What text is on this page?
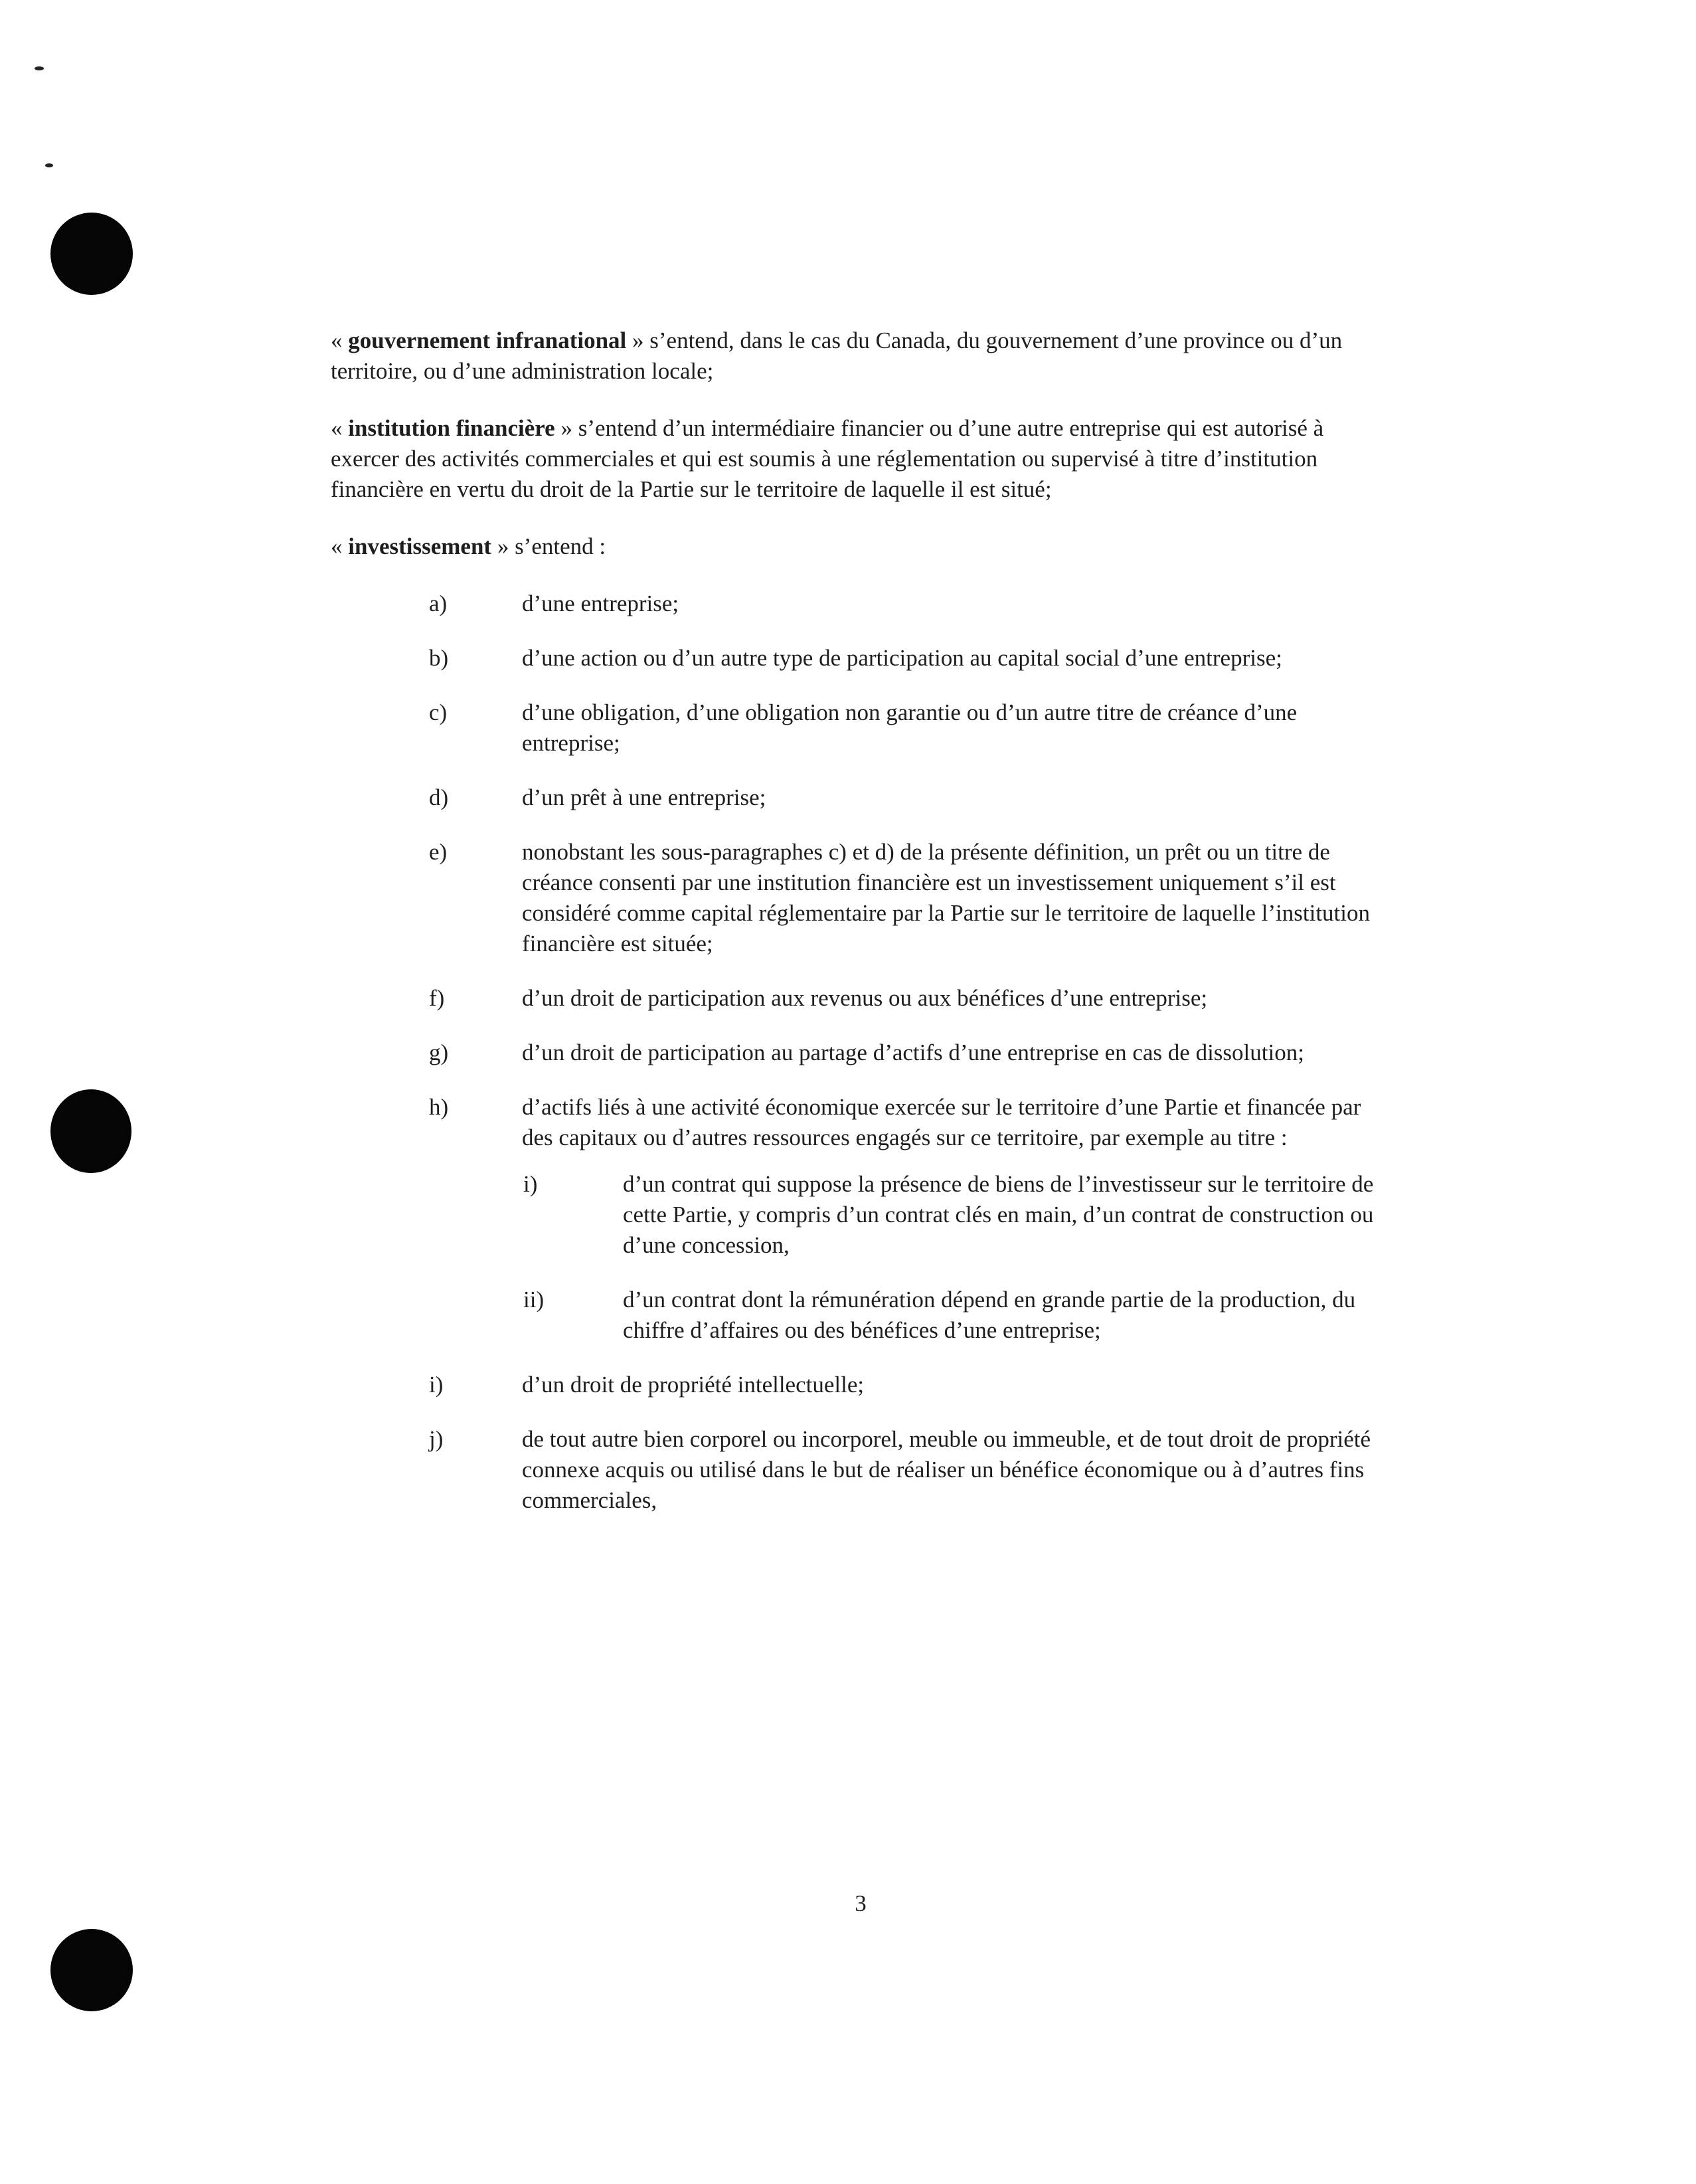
« gouvernement infranational » s’entend, dans le cas du Canada, du gouvernement d’une province ou d’un territoire, ou d’une administration locale;

« institution financière » s’entend d’un intermédiaire financier ou d’une autre entreprise qui est autorisé à exercer des activités commerciales et qui est soumis à une réglementation ou supervisé à titre d’institution financière en vertu du droit de la Partie sur le territoire de laquelle il est situé;

« investissement » s’entend :

a)	d’une entreprise;
b)	d’une action ou d’un autre type de participation au capital social d’une entreprise;
c)	d’une obligation, d’une obligation non garantie ou d’un autre titre de créance d’une entreprise;
d)	d’un prêt à une entreprise;
e)	nonobstant les sous-paragraphes c) et d) de la présente définition, un prêt ou un titre de créance consenti par une institution financière est un investissement uniquement s’il est considéré comme capital réglementaire par la Partie sur le territoire de laquelle l’institution financière est située;
f)	d’un droit de participation aux revenus ou aux bénéfices d’une entreprise;
g)	d’un droit de participation au partage d’actifs d’une entreprise en cas de dissolution;
h)	d’actifs liés à une activité économique exercée sur le territoire d’une Partie et financée par des capitaux ou d’autres ressources engagés sur ce territoire, par exemple au titre :
i)	d’un contrat qui suppose la présence de biens de l’investisseur sur le territoire de cette Partie, y compris d’un contrat clés en main, d’un contrat de construction ou d’une concession,
ii)	d’un contrat dont la rémunération dépend en grande partie de la production, du chiffre d’affaires ou des bénéfices d’une entreprise;
i)	d’un droit de propriété intellectuelle;
j)	de tout autre bien corporel ou incorporel, meuble ou immeuble, et de tout droit de propriété connexe acquis ou utilisé dans le but de réaliser un bénéfice économique ou à d’autres fins commerciales,
3
